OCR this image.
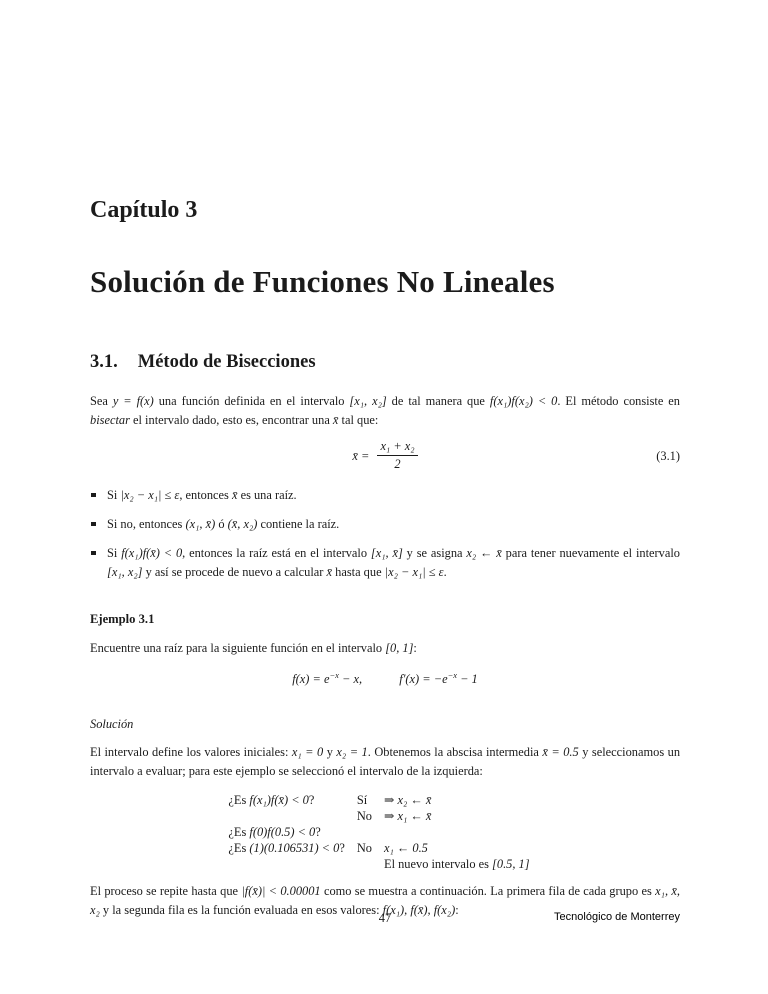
Capítulo 3
Solución de Funciones No Lineales
3.1. Método de Bisecciones

Sea y = f(x) una función definida en el intervalo [x₁, x₂] de tal manera que f(x₁)f(x₂) < 0. El método consiste en bisectar el intervalo dado, esto es, encontrar una x̄ tal que:

x̄ = $\frac{\text{x₁ + x₂}}{2}$	(3.1)
Si |x₂ − x₁| ≤ ε, entonces x̄ es una raíz.
Si no, entonces (x₁, x̄) ó (x̄, x₂) contiene la raíz.
Si f(x₁)f(x̄) < 0, entonces la raíz está en el intervalo [x₁, x̄] y se asigna x₂ ← x̄ para tener nuevamente el intervalo [x₁, x₂] y así se procede de nuevo a calcular x̄ hasta que |x₂ − x₁| ≤ ε.

Ejemplo 3.1

Encuentre una raíz para la siguiente función en el intervalo [0, 1]:

$f(x) = e^{-x} - x$,   	$f'(x) = -e^{-x} - 1$

Solución

El intervalo define los valores iniciales: x₁ = 0 y x₂ = 1. Obtenemos la abscisa intermedia x̄ = 0.5 y seleccionamos un intervalo a evaluar; para este ejemplo se seleccionó el intervalo de la izquierda:

¿Es f(x₁)f(x̄) < 0?	Sí	⇒ x₂ ← x̄
	No	⇒ x₁ ← x̄
¿Es f(0)f(0.5) < 0?		
¿Es (1)(0.106531) < 0?	No	x₁ ← 0.5
		El nuevo intervalo es [0.5, 1]

El proceso se repite hasta que |f(x̄)| < 0.00001 como se muestra a continuación. La primera fila de cada grupo es x₁, x̄, x₂ y la segunda fila es la función evaluada en esos valores: f(x₁), f(x̄), f(x₂):

47	Tecnológico de Monterrey
